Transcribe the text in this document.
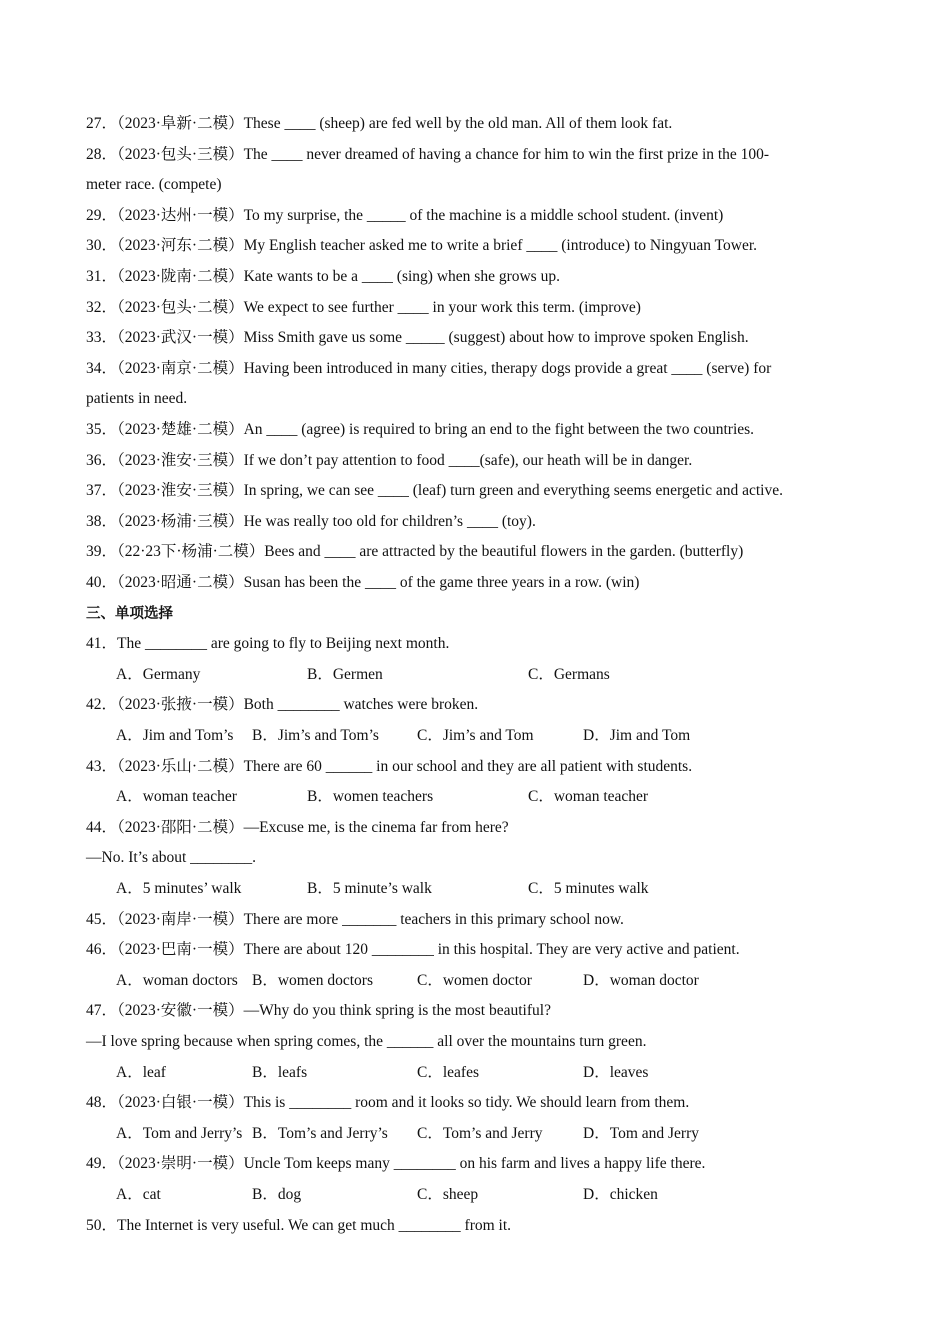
27．（2023·阜新·二模）These ____ (sheep) are fed well by the old man. All of them look fat.
28．（2023·包头·三模）The ____ never dreamed of having a chance for him to win the first prize in the 100-
meter race. (compete)
29．（2023·达州·一模）To my surprise, the _____ of the machine is a middle school student. (invent)
30．（2023·河东·二模）My English teacher asked me to write a brief ____ (introduce) to Ningyuan Tower.
31．（2023·陇南·二模）Kate wants to be a ____ (sing) when she grows up.
32．（2023·包头·二模）We expect to see further ____ in your work this term. (improve)
33．（2023·武汉·一模）Miss Smith gave us some _____ (suggest) about how to improve spoken English.
34．（2023·南京·二模）Having been introduced in many cities, therapy dogs provide a great ____ (serve) for
patients in need.
35．（2023·楚雄·二模）An ____ (agree) is required to bring an end to the fight between the two countries.
36．（2023·淮安·三模）If we don’t pay attention to food ____(safe), our heath will be in danger.
37．（2023·淮安·三模）In spring, we can see ____ (leaf) turn green and everything seems energetic and active.
38．（2023·杨浦·三模）He was really too old for children’s ____ (toy).
39．（22·23下·杨浦·二模）Bees and ____ are attracted by the beautiful flowers in the garden. (butterfly)
40．（2023·昭通·二模）Susan has been the ____ of the game three years in a row. (win)
三、单项选择
41．The ________ are going to fly to Beijing next month.
A．Germany	B．Germen	C．Germans
42．（2023·张掖·一模）Both ________ watches were broken.
A．Jim and Tom’s B．Jim’s and Tom’s C．Jim’s and Tom	D．Jim and Tom
43．（2023·乐山·二模）There are 60 ______ in our school and they are all patient with students.
A．woman teacher	B．women teachers	C．woman teacher
44．（2023·邵阳·二模）—Excuse me, is the cinema far from here?
—No. It’s about ________.
A．5 minutes’ walk	B．5 minute’s walk	C．5 minutes walk
45．（2023·南岸·一模）There are more _______ teachers in this primary school now.
46．（2023·巴南·一模）There are about 120 ________ in this hospital. They are very active and patient.
A．woman doctors B．women doctors	C．women doctor	D．woman doctor
47．（2023·安徽·一模）—Why do you think spring is the most beautiful?
—I love spring because when spring comes, the ______ all over the mountains turn green.
A．leaf	B．leafs	C．leafes	D．leaves
48．（2023·白银·一模）This is ________ room and it looks so tidy. We should learn from them.
A．Tom and Jerry’s B．Tom’s and Jerry’s C．Tom’s and Jerry	D．Tom and Jerry
49．（2023·崇明·一模）Uncle Tom keeps many ________ on his farm and lives a happy life there.
A．cat	B．dog	C．sheep	D．chicken
50．The Internet is very useful. We can get much ________ from it.
